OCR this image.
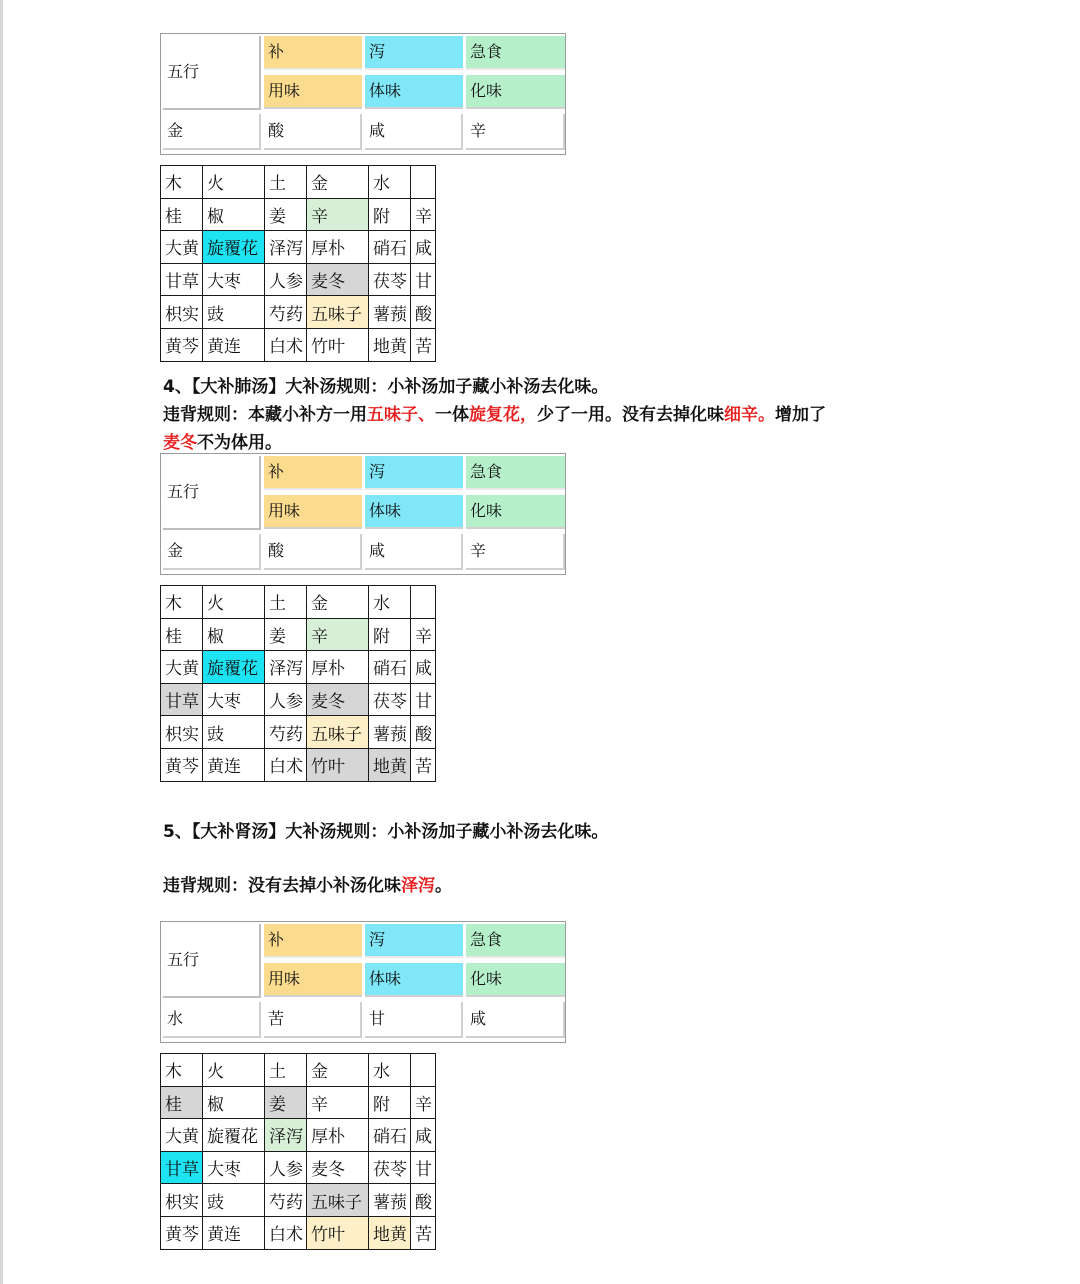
五行
补	泻	急食
用味	体味	化味
金	酸	咸	辛
木	火	土	金	水	
桂	椒	姜	辛	附	辛
大黄	旋覆花	泽泻	厚朴	硝石	咸
甘草	大枣	人参	麦冬	茯苓	甘
枳实	豉	芍药	五味子	薯蓣	酸
黄芩	黄连	白术	竹叶	地黄	苦
4、【大补肺汤】大补汤规则：小补汤加子藏小补汤去化味。
违背规则：本藏小补方一用五味子、一体旋复花，少了一用。没有去掉化味细辛。增加了
麦冬不为体用。
五行
补	泻	急食
用味	体味	化味
金	酸	咸	辛
木	火	土	金	水	
桂	椒	姜	辛	附	辛
大黄	旋覆花	泽泻	厚朴	硝石	咸
甘草	大枣	人参	麦冬	茯苓	甘
枳实	豉	芍药	五味子	薯蓣	酸
黄芩	黄连	白术	竹叶	地黄	苦
5、【大补肾汤】大补汤规则：小补汤加子藏小补汤去化味。
违背规则：没有去掉小补汤化味泽泻。
五行
补	泻	急食
用味	体味	化味
水	苦	甘	咸
木	火	土	金	水	
桂	椒	姜	辛	附	辛
大黄	旋覆花	泽泻	厚朴	硝石	咸
甘草	大枣	人参	麦冬	茯苓	甘
枳实	豉	芍药	五味子	薯蓣	酸
黄芩	黄连	白术	竹叶	地黄	苦
